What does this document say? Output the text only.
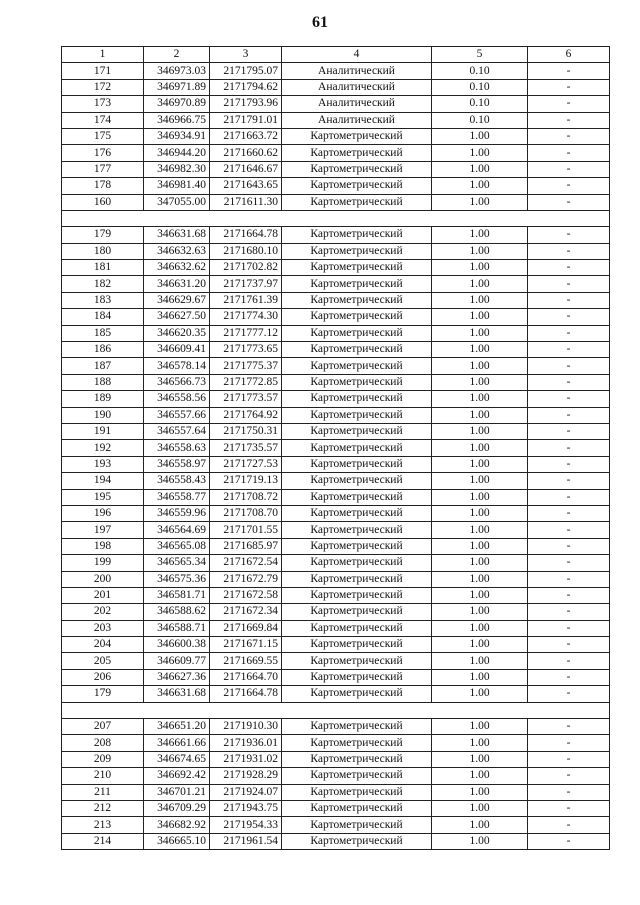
61
1	2	3	4	5	6
171	346973.03	2171795.07	Аналитический	0.10	-
172	346971.89	2171794.62	Аналитический	0.10	-
173	346970.89	2171793.96	Аналитический	0.10	-
174	346966.75	2171791.01	Аналитический	0.10	-
175	346934.91	2171663.72	Картометрический	1.00	-
176	346944.20	2171660.62	Картометрический	1.00	-
177	346982.30	2171646.67	Картометрический	1.00	-
178	346981.40	2171643.65	Картометрический	1.00	-
160	347055.00	2171611.30	Картометрический	1.00	-

179	346631.68	2171664.78	Картометрический	1.00	-
180	346632.63	2171680.10	Картометрический	1.00	-
181	346632.62	2171702.82	Картометрический	1.00	-
182	346631.20	2171737.97	Картометрический	1.00	-
183	346629.67	2171761.39	Картометрический	1.00	-
184	346627.50	2171774.30	Картометрический	1.00	-
185	346620.35	2171777.12	Картометрический	1.00	-
186	346609.41	2171773.65	Картометрический	1.00	-
187	346578.14	2171775.37	Картометрический	1.00	-
188	346566.73	2171772.85	Картометрический	1.00	-
189	346558.56	2171773.57	Картометрический	1.00	-
190	346557.66	2171764.92	Картометрический	1.00	-
191	346557.64	2171750.31	Картометрический	1.00	-
192	346558.63	2171735.57	Картометрический	1.00	-
193	346558.97	2171727.53	Картометрический	1.00	-
194	346558.43	2171719.13	Картометрический	1.00	-
195	346558.77	2171708.72	Картометрический	1.00	-
196	346559.96	2171708.70	Картометрический	1.00	-
197	346564.69	2171701.55	Картометрический	1.00	-
198	346565.08	2171685.97	Картометрический	1.00	-
199	346565.34	2171672.54	Картометрический	1.00	-
200	346575.36	2171672.79	Картометрический	1.00	-
201	346581.71	2171672.58	Картометрический	1.00	-
202	346588.62	2171672.34	Картометрический	1.00	-
203	346588.71	2171669.84	Картометрический	1.00	-
204	346600.38	2171671.15	Картометрический	1.00	-
205	346609.77	2171669.55	Картометрический	1.00	-
206	346627.36	2171664.70	Картометрический	1.00	-
179	346631.68	2171664.78	Картометрический	1.00	-

207	346651.20	2171910.30	Картометрический	1.00	-
208	346661.66	2171936.01	Картометрический	1.00	-
209	346674.65	2171931.02	Картометрический	1.00	-
210	346692.42	2171928.29	Картометрический	1.00	-
211	346701.21	2171924.07	Картометрический	1.00	-
212	346709.29	2171943.75	Картометрический	1.00	-
213	346682.92	2171954.33	Картометрический	1.00	-
214	346665.10	2171961.54	Картометрический	1.00	-
